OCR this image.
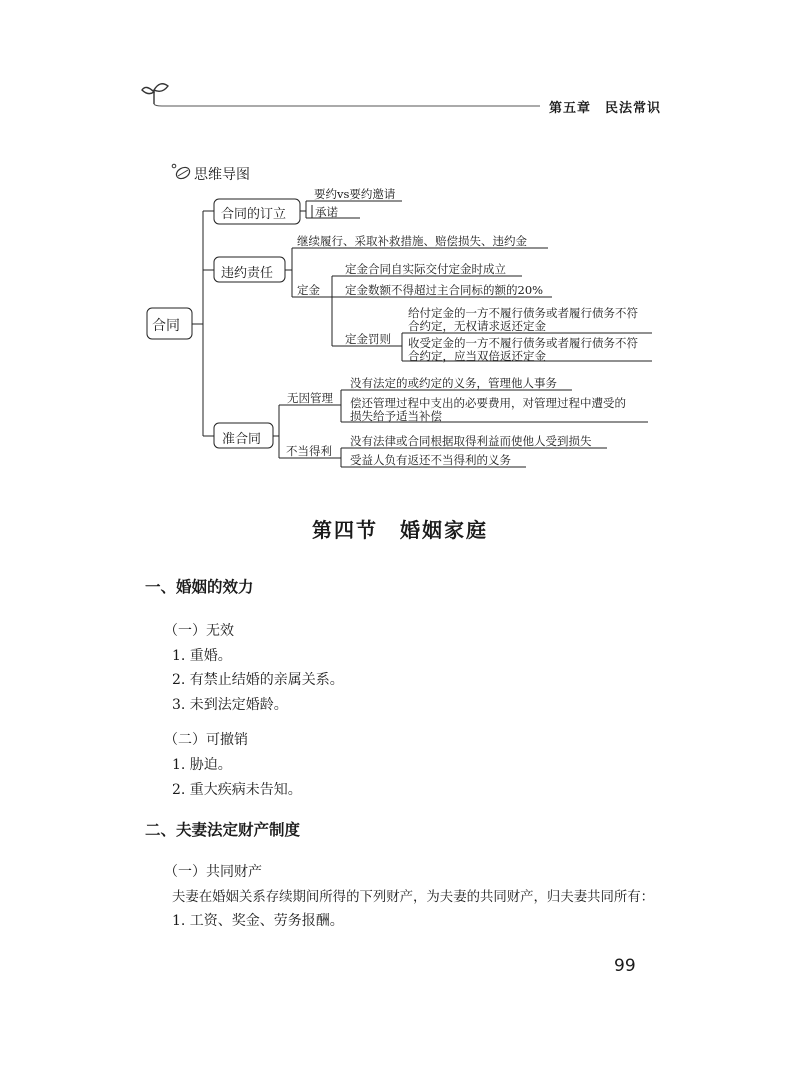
第五章　民法常识
思维导图
合同
合同的订立
违约责任
准合同
要约vs要约邀请
承诺
继续履行、采取补救措施、赔偿损失、违约金
定金
定金合同自实际交付定金时成立
定金数额不得超过主合同标的额的20%
定金罚则
给付定金的一方不履行债务或者履行债务不符
合约定，无权请求返还定金
收受定金的一方不履行债务或者履行债务不符
合约定，应当双倍返还定金
无因管理
没有法定的或约定的义务，管理他人事务
偿还管理过程中支出的必要费用，对管理过程中遭受的
损失给予适当补偿
不当得利
没有法律或合同根据取得利益而使他人受到损失
受益人负有返还不当得利的义务
第四节　婚姻家庭
一、婚姻的效力
（一）无效
1. 重婚。
2. 有禁止结婚的亲属关系。
3. 未到法定婚龄。
（二）可撤销
1. 胁迫。
2. 重大疾病未告知。
二、夫妻法定财产制度
（一）共同财产
夫妻在婚姻关系存续期间所得的下列财产，为夫妻的共同财产，归夫妻共同所有：
1. 工资、奖金、劳务报酬。
99
